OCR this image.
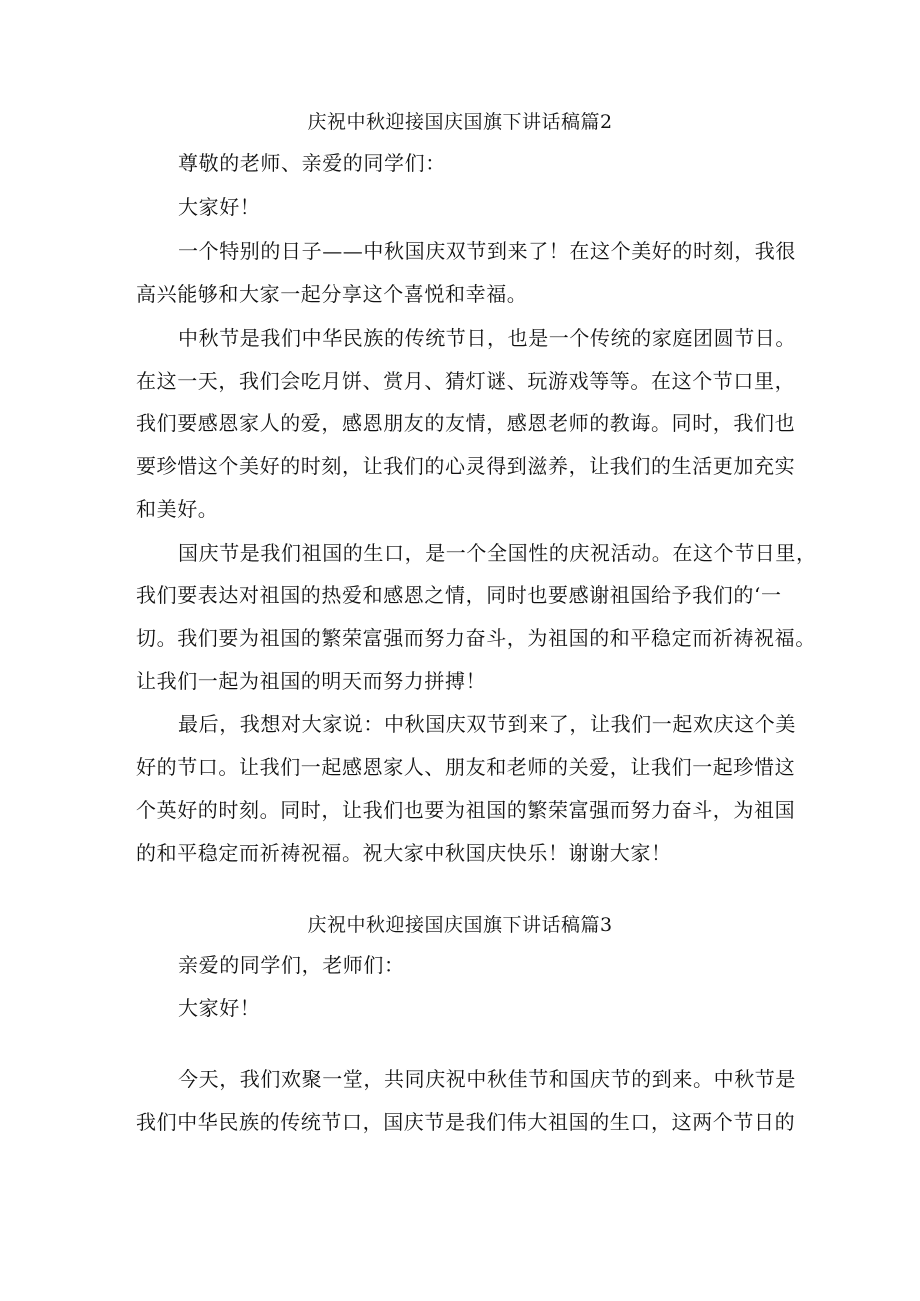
庆祝中秋迎接国庆国旗下讲话稿篇2
尊敬的老师、亲爱的同学们：
大家好！
一个特别的日子——中秋国庆双节到来了！在这个美好的时刻，我很
高兴能够和大家一起分享这个喜悦和幸福。
中秋节是我们中华民族的传统节日，也是一个传统的家庭团圆节日。
在这一天，我们会吃月饼、赏月、猜灯谜、玩游戏等等。在这个节口里，
我们要感恩家人的爱，感恩朋友的友情，感恩老师的教诲。同时，我们也
要珍惜这个美好的时刻，让我们的心灵得到滋养，让我们的生活更加充实
和美好。
国庆节是我们祖国的生口，是一个全国性的庆祝活动。在这个节日里，
我们要表达对祖国的热爱和感恩之情，同时也要感谢祖国给予我们的‘一
切。我们要为祖国的繁荣富强而努力奋斗，为祖国的和平稳定而祈祷祝福。
让我们一起为祖国的明天而努力拼搏！
最后，我想对大家说：中秋国庆双节到来了，让我们一起欢庆这个美
好的节口。让我们一起感恩家人、朋友和老师的关爱，让我们一起珍惜这
个英好的时刻。同时，让我们也要为祖国的繁荣富强而努力奋斗，为祖国
的和平稳定而祈祷祝福。祝大家中秋国庆快乐！谢谢大家！
庆祝中秋迎接国庆国旗下讲话稿篇3
亲爱的同学们，老师们：
大家好！
今天，我们欢聚一堂，共同庆祝中秋佳节和国庆节的到来。中秋节是
我们中华民族的传统节口，国庆节是我们伟大祖国的生口，这两个节日的
